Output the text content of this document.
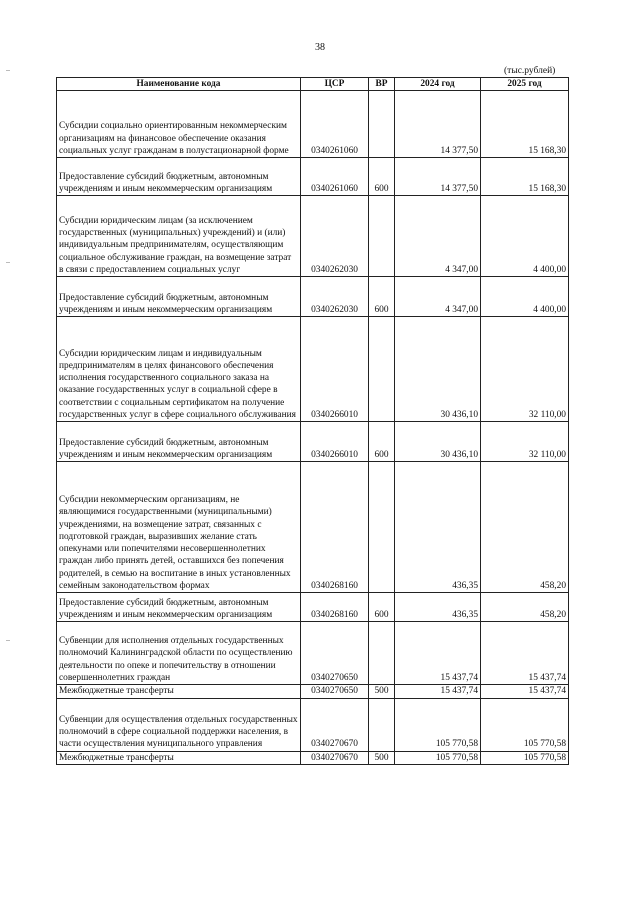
38
(тыс.рублей)
Наименование кода	ЦСР	ВР	2024 год	2025 год
Субсидии социально ориентированным некоммерческим организациям на финансовое обеспечение оказания социальных услуг гражданам в полустационарной форме	0340261060		14 377,50	15 168,30
Предоставление субсидий бюджетным, автономным учреждениям и иным некоммерческим организациям	0340261060	600	14 377,50	15 168,30
Субсидии юридическим лицам (за исключением государственных (муниципальных) учреждений) и (или) индивидуальным предпринимателям, осуществляющим социальное обслуживание граждан, на возмещение затрат в связи с предоставлением социальных услуг	0340262030		4 347,00	4 400,00
Предоставление субсидий бюджетным, автономным учреждениям и иным некоммерческим организациям	0340262030	600	4 347,00	4 400,00
Субсидии юридическим лицам и индивидуальным предпринимателям в целях финансового обеспечения исполнения государственного социального заказа на оказание государственных услуг в социальной сфере в соответствии с социальным сертификатом на получение государственных услуг в сфере социального обслуживания	0340266010		30 436,10	32 110,00
Предоставление субсидий бюджетным, автономным учреждениям и иным некоммерческим организациям	0340266010	600	30 436,10	32 110,00
Субсидии некоммерческим организациям, не являющимися государственными (муниципальными) учреждениями, на возмещение затрат, связанных с подготовкой граждан, выразивших желание стать опекунами или попечителями несовершеннолетних граждан либо принять детей, оставшихся без попечения родителей, в семью на воспитание в иных установленных семейным законодательством формах	0340268160		436,35	458,20
Предоставление субсидий бюджетным, автономным учреждениям и иным некоммерческим организациям	0340268160	600	436,35	458,20
Субвенции для исполнения отдельных государственных полномочий Калининградской области по осуществлению деятельности по опеке и попечительству в отношении совершеннолетних граждан	0340270650		15 437,74	15 437,74
Межбюджетные трансферты	0340270650	500	15 437,74	15 437,74
Субвенции для осуществления отдельных государственных полномочий в сфере социальной поддержки населения, в части осуществления муниципального управления	0340270670		105 770,58	105 770,58
Межбюджетные трансферты	0340270670	500	105 770,58	105 770,58
